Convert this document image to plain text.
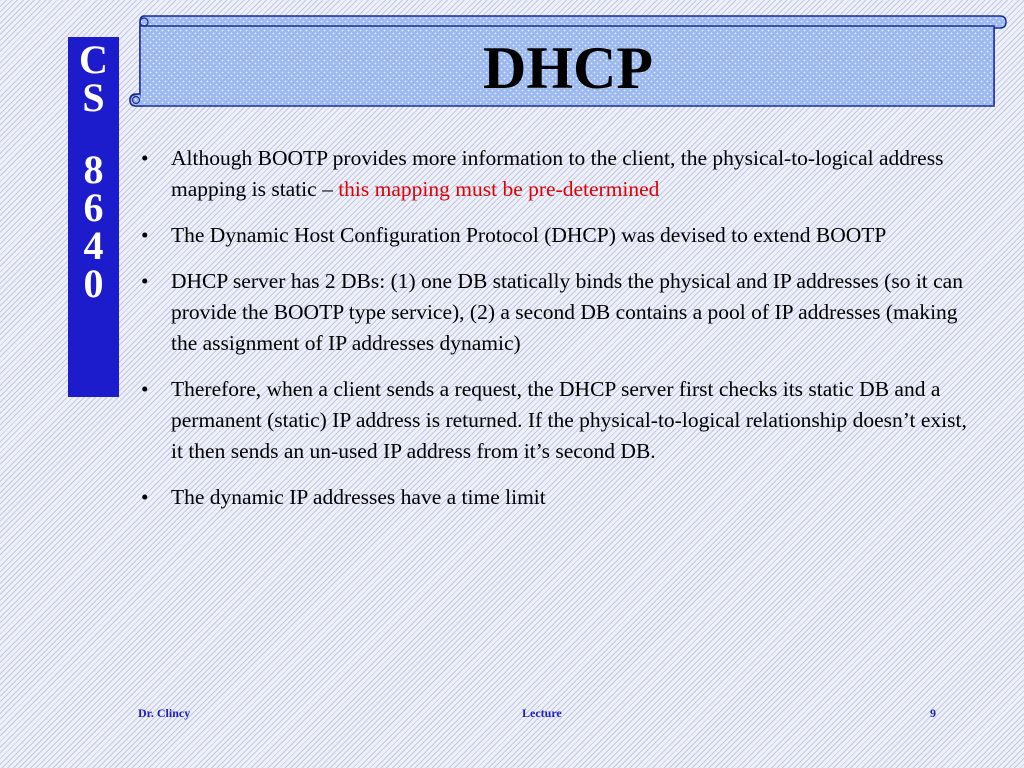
C
S
8
6
4
0
DHCP
• Although BOOTP provides more information to the client, the physical-to-logical address mapping is static – this mapping must be pre-determined
• The Dynamic Host Configuration Protocol (DHCP) was devised to extend BOOTP
• DHCP server has 2 DBs: (1) one DB statically binds the physical and IP addresses (so it can provide the BOOTP type service), (2) a second DB contains a pool of IP addresses (making the assignment of IP addresses dynamic)
• Therefore, when a client sends a request, the DHCP server first checks its static DB and a permanent (static) IP address is returned. If the physical-to-logical relationship doesn’t exist, it then sends an un-used IP address from it’s second DB.
• The dynamic IP addresses have a time limit
Dr. Clincy	Lecture	9
